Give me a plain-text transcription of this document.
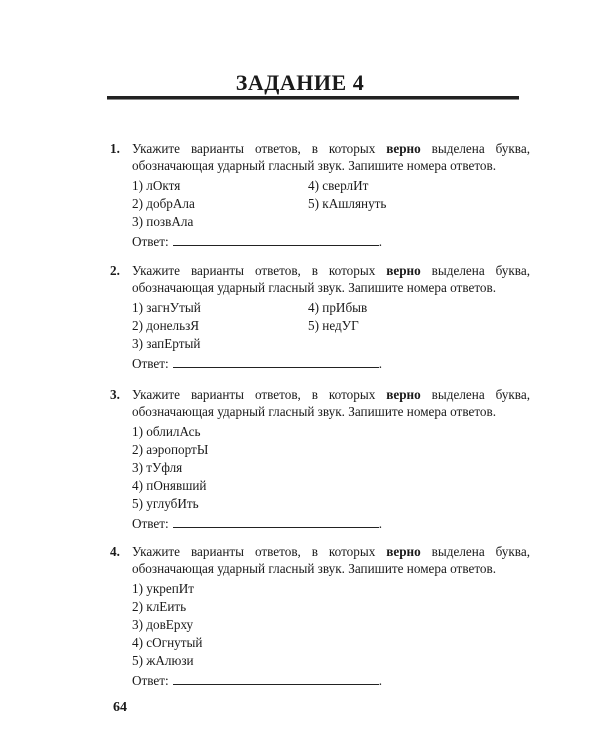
ЗАДАНИЕ 4
1. Укажите варианты ответов, в которых верно выделена буква, обозначающая ударный гласный звук. Запишите номера ответов.
1) лОктя	4) сверлИт
2) добрАла	5) кАшлянуть
3) позвАла
Ответ:	.
2. Укажите варианты ответов, в которых верно выделена буква, обозначающая ударный гласный звук. Запишите номера ответов.
1) загнУтый	4) прИбыв
2) донельзЯ	5) недУГ
3) запЕртый
Ответ:	.
3. Укажите варианты ответов, в которых верно выделена буква, обозначающая ударный гласный звук. Запишите номера ответов.
1) облилАсь
2) аэропортЫ
3) тУфля
4) пОнявший
5) углубИть
Ответ:	.
4. Укажите варианты ответов, в которых верно выделена буква, обозначающая ударный гласный звук. Запишите номера ответов.
1) укрепИт
2) клЕить
3) довЕрху
4) сОгнутый
5) жАлюзи
Ответ:	.
64
